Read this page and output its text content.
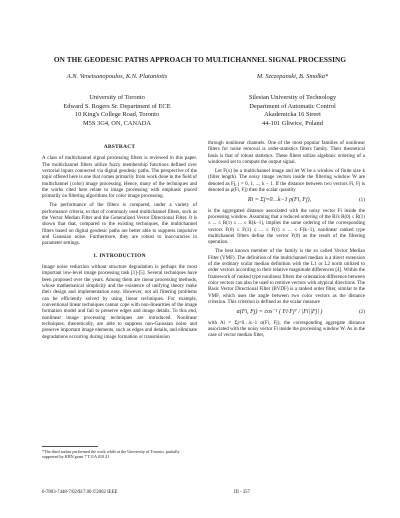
ON THE GEODESIC PATHS APPROACH TO MULTICHANNEL SIGNAL PROCESSING
A.N. Venetsanopoulos, K.N. Plataniotis	M. Szczepanski, B. Smolka*
University of Toronto
Edward S. Rogers Sr. Department of ECE
10 King's College Road, Toronto
M5S 3G4, ON, CANADA
Silesian University of Technology
Department of Automatic Control
Akademicka 16 Street
44-101 Gliwice, Poland
ABSTRACT

A class of multichannel signal processing filters is reviewed in this paper. The multichannel filters utilize fuzzy membership functions defined over vectorial inputs connected via digital geodesic paths. The perspective of the topic offered here is one that comes primarily from work done in the field of multichannel (color) image processing. Hence, many of the techniques and the works cited here relate to image processing with emphasis placed primarily on filtering algorithms for color image processing.

The performance of the filters is compared, under a variety of performance criteria, to that of commonly used multichannel filters, such as the Vector Median Filter and the Generalized Vector Directional Filter. It is shown that that, compared to the existing techniques, the multichannel filters based on digital geodesic paths are better able to suppress impulsive and Gaussian noise. Furthermore, they are robust to inaccuracies in parameter settings.

1. INTRODUCTION

Image noise reduction without structure degradation is perhaps the most important low-level image processing task [1]-[5]. Several techniques have been proposed over the years. Among them are linear processing methods, whose mathematical simplicity and the existence of unifying theory make their design and implementation easy. However, not all filtering problems can be efficiently solved by using linear techniques. For example, conventional linear techniques cannot cope with non-linearities of the image formation model and fail to preserve edges and image details. To this end, nonlinear image processing techniques are introduced. Nonlinear techniques, theoretically, are able to suppress non-Gaussian noise and preserve important image elements, such as edges and details, and eliminate degradations occurring during image formation or transmission

*The third author performed the work while at the University of Toronto, partially supported by KBN grant 7 T11A 010 21

through nonlinear channels. One of the most popular families of nonlinear filters for noise removal is order-statistics filters family. Their theoretical basis is that of robust statistics. These filters utilize algebraic ordering of a windowed set to compute the output signal.

Let F(x) be a multichannel image and let W be a window of finite size k (filter length). The noisy image vectors inside the filtering window W are denoted as Fj, j = 0, 1, ..., k − 1. If the distance between two vectors Fi, Fj is denoted as ρ(Fi, Fj) then the scalar quantity

Ri = Σj=0…k−1 ρ(Fi, Fj),	(1)

is the aggregated distance associated with the noisy vector Fi inside the processing window. Assuming that a reduced ordering of the Ri's R(0) ≤ R(1) ≤ ... ≤ R(τ) ≤ ... ≤ R(k−1), implies the same ordering of the corresponding vectors F(0) ≤ F(1) ≤ ... ≤ F(τ) ≤ ... ≤ F(k−1), nonlinear ranked type multichannel filters define the vector F(0) as the result of the filtering operation.

The best known member of the family is the so called Vector Median Filter (VMF). The definition of the multichannel median is a direct extension of the ordinary scalar median definition with the L1 or L2 norm utilized to order vectors according to their relative magnitude differences [4]. Within the framework of ranked type nonlinear filters the orientation difference between color vectors can also be used to remove vectors with atypical directions. The Basic Vector Directional Filter (BVDF) is a ranked order filter, similar to the VMF, which uses the angle between two color vectors as the distance criterion. This criterion is defined as the scalar measure

α(Fi, Fj) = cos⁻¹ ( Fi·Fjᵀ / |Fi||Fj| )	(2)

with Ai = Σj=0…k−1 α(Fi, Fj), the corresponding aggregate distance associated with the noisy vector Fi inside the processing window W. As in the case of vector median filter,

0-7803-7448-7/02/$17.00 ©2002 IEEE	III - 357
